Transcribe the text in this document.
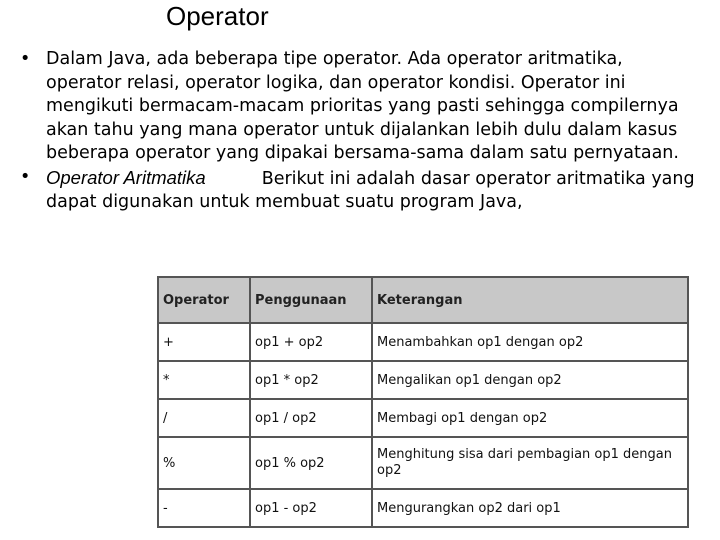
Operator
• Dalam Java, ada beberapa tipe operator. Ada operator aritmatika, operator relasi, operator logika, dan operator kondisi. Operator ini mengikuti bermacam-macam prioritas yang pasti sehingga compilernya akan tahu yang mana operator untuk dijalankan lebih dulu dalam kasus beberapa operator yang dipakai bersama-sama dalam satu pernyataan.
• Operator Aritmatika	Berikut ini adalah dasar operator aritmatika yang dapat digunakan untuk membuat suatu program Java,
Operator	Penggunaan	Keterangan
+	op1 + op2	Menambahkan op1 dengan op2
*	op1 * op2	Mengalikan op1 dengan op2
/	op1 / op2	Membagi op1 dengan op2
%	op1 % op2	Menghitung sisa dari pembagian op1 dengan op2
-	op1 - op2	Mengurangkan op2 dari op1
